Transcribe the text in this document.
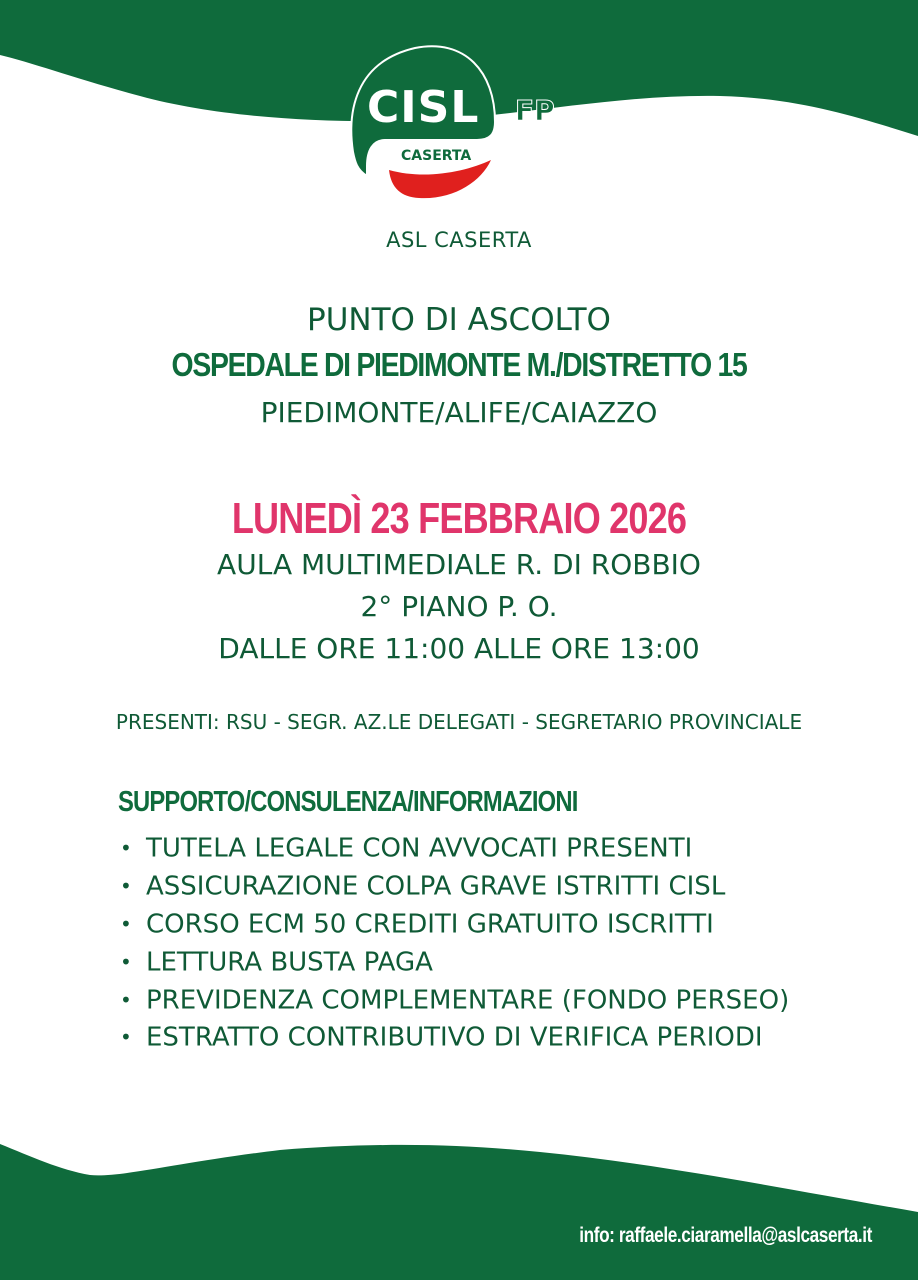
CISL FP
CASERTA
ASL CASERTA
PUNTO DI ASCOLTO
OSPEDALE DI PIEDIMONTE M./DISTRETTO 15
PIEDIMONTE/ALIFE/CAIAZZO
LUNEDÌ 23 FEBBRAIO 2026
AULA MULTIMEDIALE R. DI ROBBIO
2° PIANO P. O.
DALLE ORE 11:00 ALLE ORE 13:00
PRESENTI: RSU - SEGR. AZ.LE DELEGATI - SEGRETARIO PROVINCIALE
SUPPORTO/CONSULENZA/INFORMAZIONI
• TUTELA LEGALE CON AVVOCATI PRESENTI
• ASSICURAZIONE COLPA GRAVE ISTRITTI CISL
• CORSO ECM 50 CREDITI GRATUITO ISCRITTI
• LETTURA BUSTA PAGA
• PREVIDENZA COMPLEMENTARE (FONDO PERSEO)
• ESTRATTO CONTRIBUTIVO DI VERIFICA PERIODI
info: raffaele.ciaramella@aslcaserta.it
